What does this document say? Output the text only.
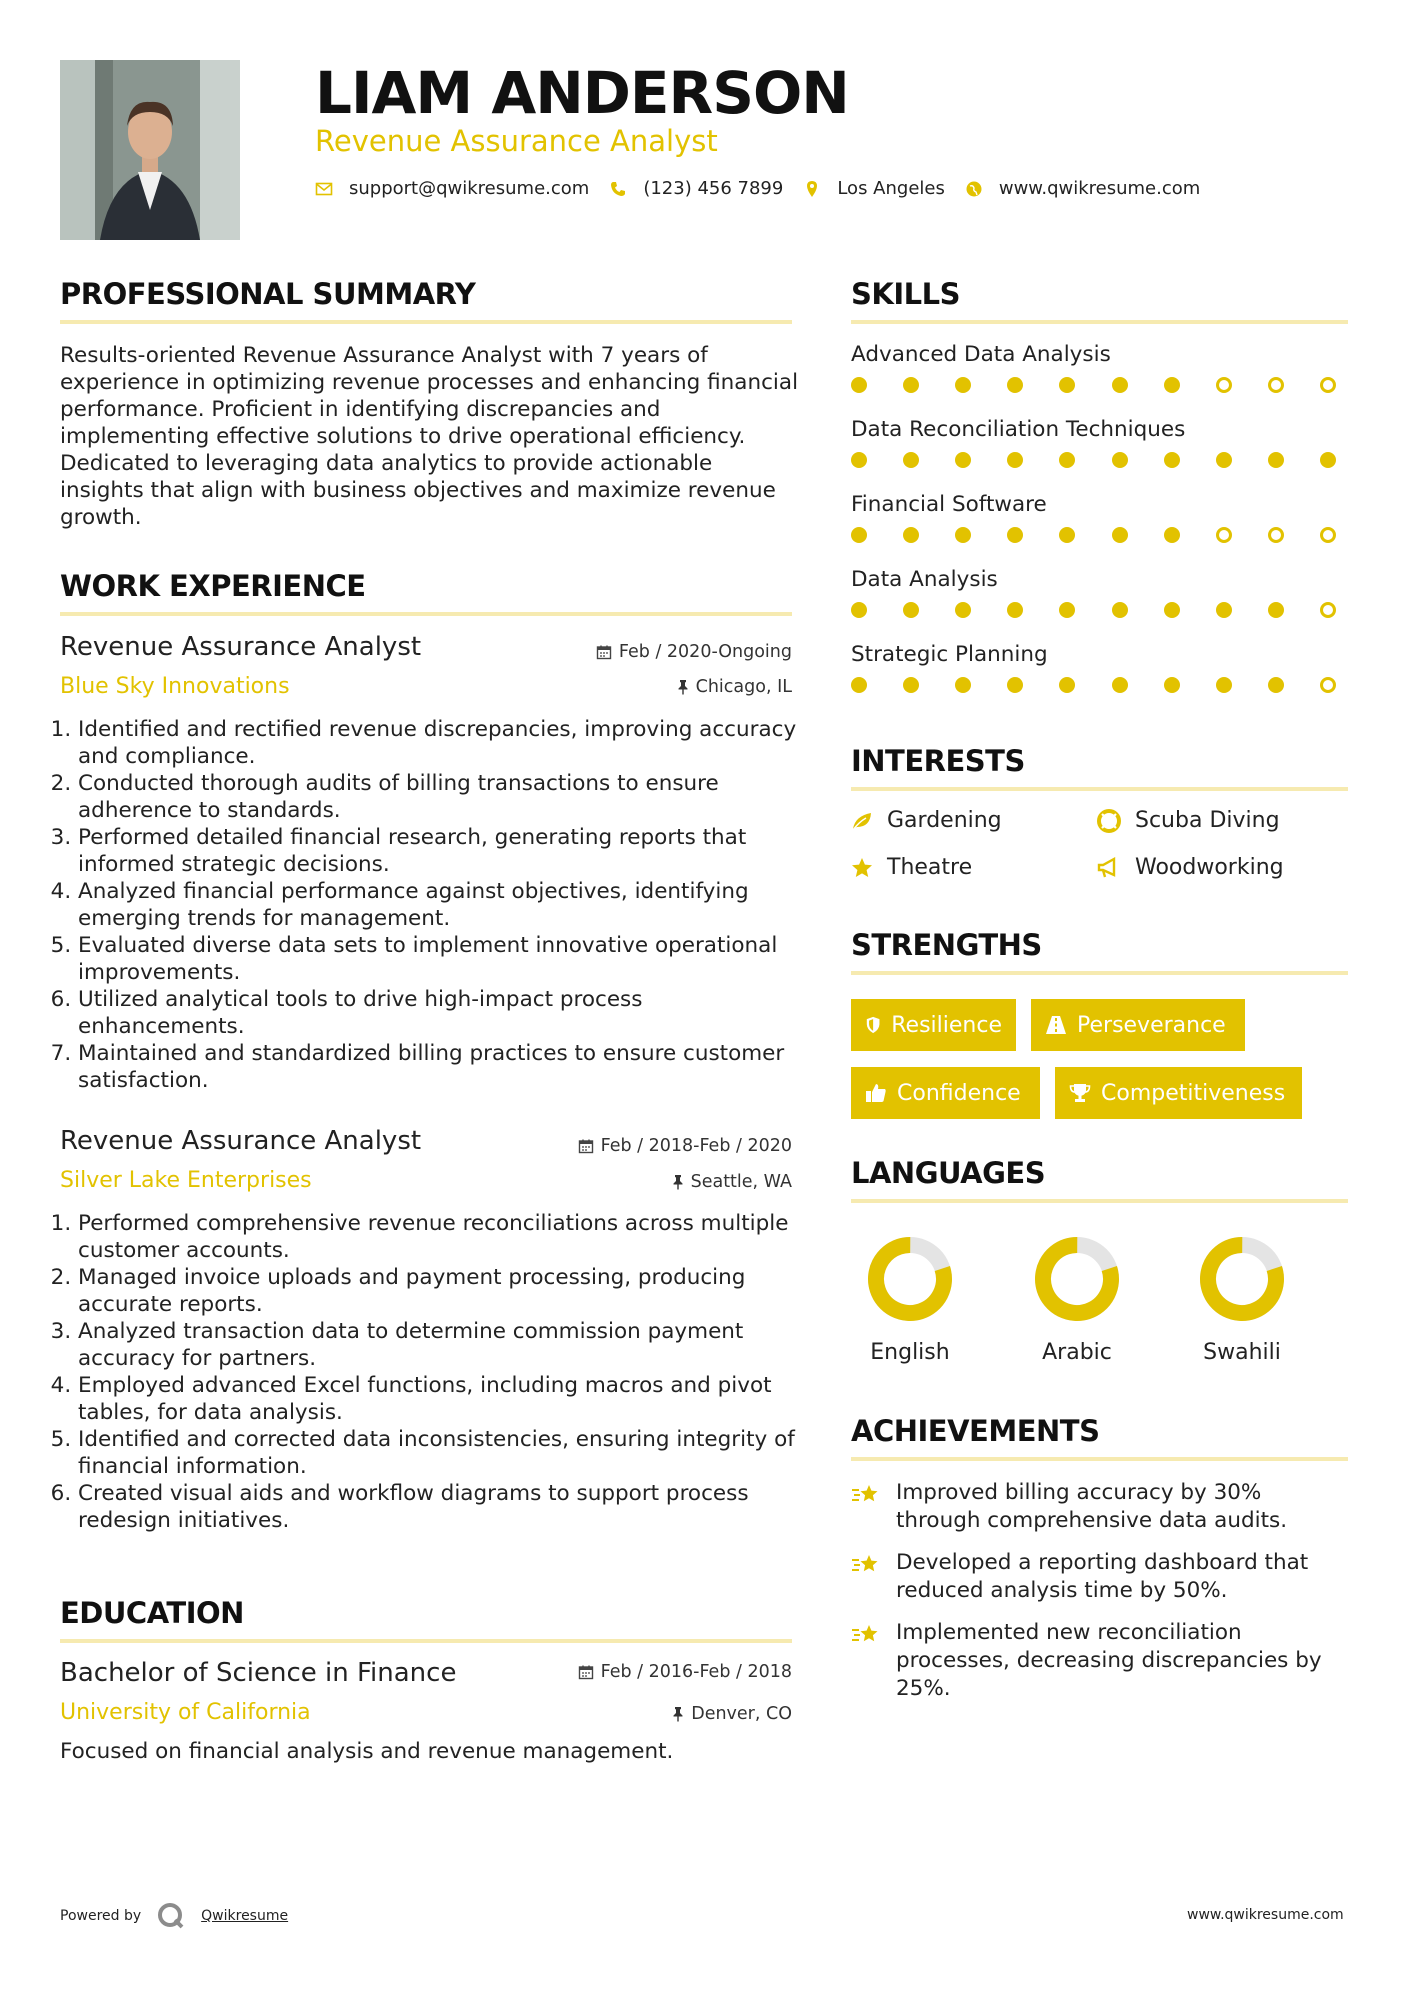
LIAM ANDERSON
Revenue Assurance Analyst
support@qwikresume.com	(123) 456 7899	Los Angeles	www.qwikresume.com
PROFESSIONAL SUMMARY
Results-oriented Revenue Assurance Analyst with 7 years of experience in optimizing revenue processes and enhancing financial performance. Proficient in identifying discrepancies and implementing effective solutions to drive operational efficiency. Dedicated to leveraging data analytics to provide actionable insights that align with business objectives and maximize revenue growth.
WORK EXPERIENCE
Revenue Assurance Analyst	Feb / 2020-Ongoing
Blue Sky Innovations	Chicago, IL
1. Identified and rectified revenue discrepancies, improving accuracy and compliance.
2. Conducted thorough audits of billing transactions to ensure adherence to standards.
3. Performed detailed financial research, generating reports that informed strategic decisions.
4. Analyzed financial performance against objectives, identifying emerging trends for management.
5. Evaluated diverse data sets to implement innovative operational improvements.
6. Utilized analytical tools to drive high-impact process enhancements.
7. Maintained and standardized billing practices to ensure customer satisfaction.
Revenue Assurance Analyst	Feb / 2018-Feb / 2020
Silver Lake Enterprises	Seattle, WA
1. Performed comprehensive revenue reconciliations across multiple customer accounts.
2. Managed invoice uploads and payment processing, producing accurate reports.
3. Analyzed transaction data to determine commission payment accuracy for partners.
4. Employed advanced Excel functions, including macros and pivot tables, for data analysis.
5. Identified and corrected data inconsistencies, ensuring integrity of financial information.
6. Created visual aids and workflow diagrams to support process redesign initiatives.
EDUCATION
Bachelor of Science in Finance	Feb / 2016-Feb / 2018
University of California	Denver, CO
Focused on financial analysis and revenue management.
SKILLS
Advanced Data Analysis
Data Reconciliation Techniques
Financial Software
Data Analysis
Strategic Planning
INTERESTS
Gardening	Scuba Diving
Theatre	Woodworking
STRENGTHS
Resilience	Perseverance
Confidence	Competitiveness
LANGUAGES
English	Arabic	Swahili
ACHIEVEMENTS
Improved billing accuracy by 30% through comprehensive data audits.
Developed a reporting dashboard that reduced analysis time by 50%.
Implemented new reconciliation processes, decreasing discrepancies by 25%.
Powered by	Qwikresume	www.qwikresume.com
